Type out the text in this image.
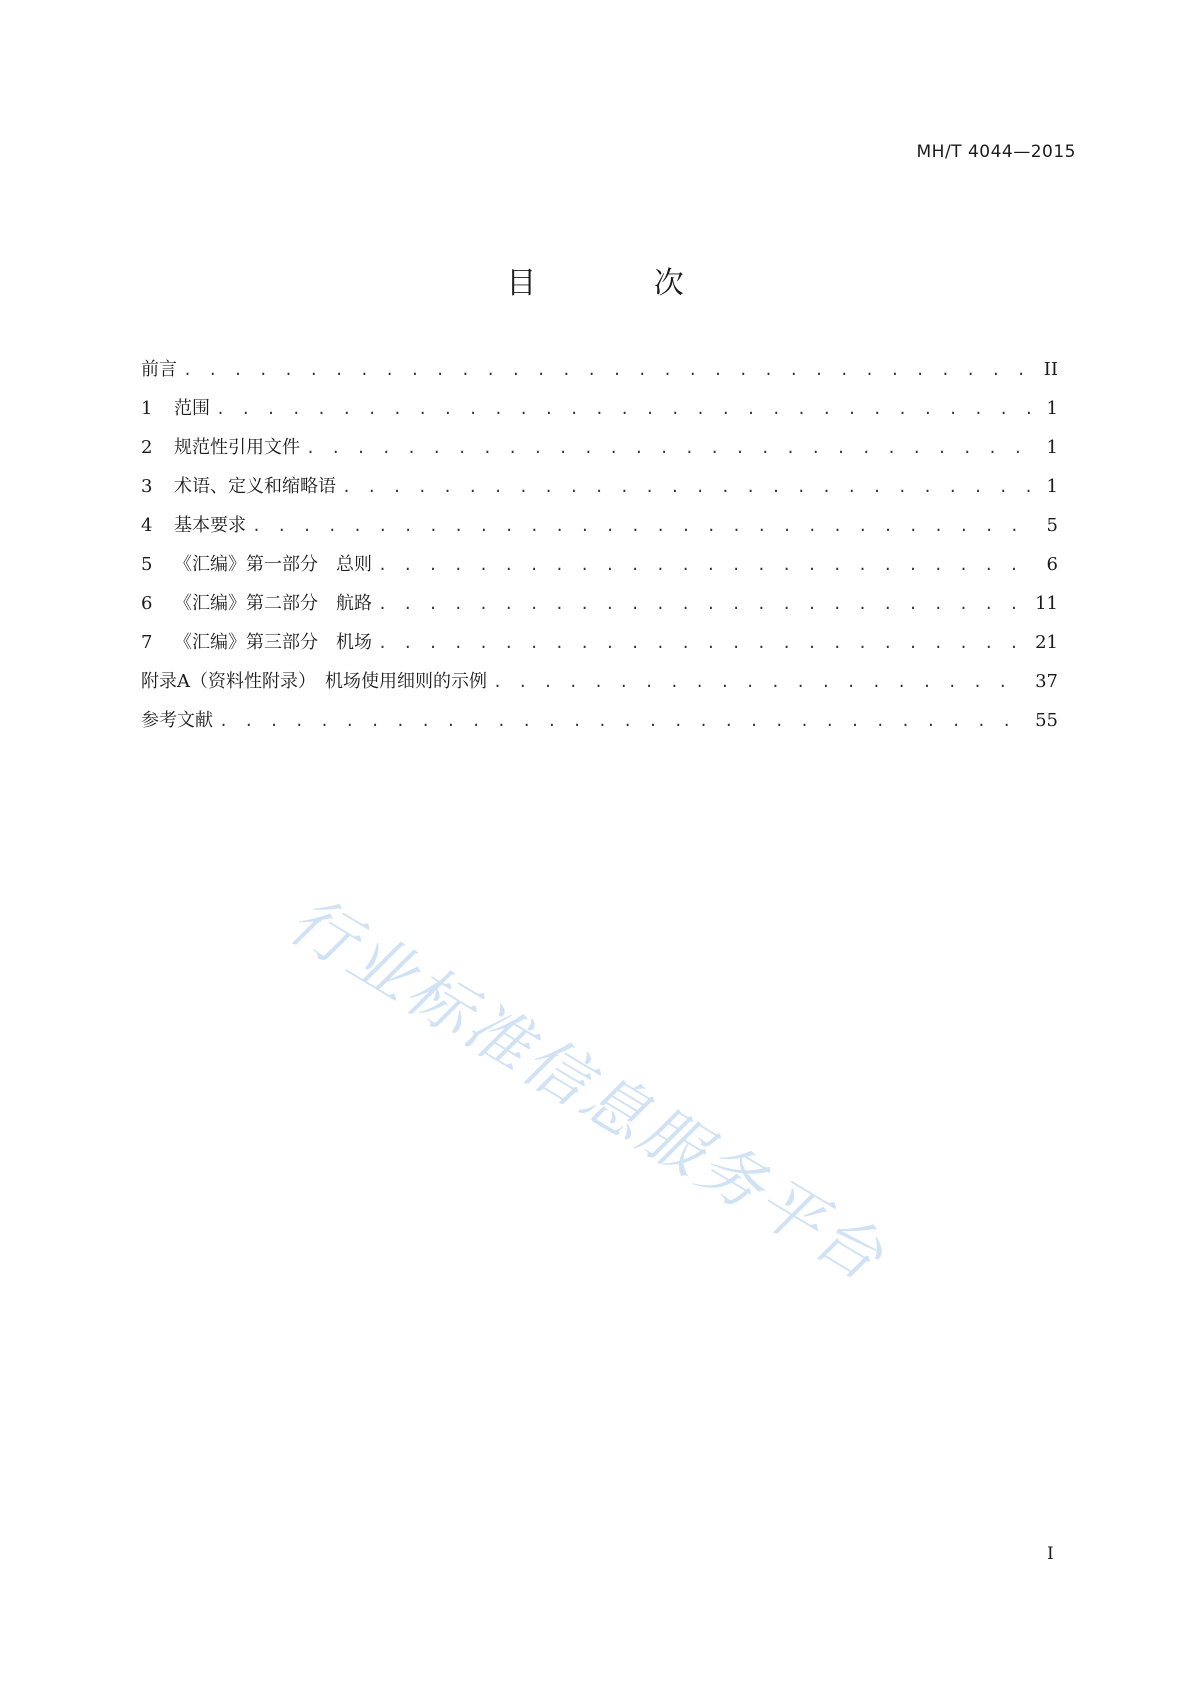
MH/T 4044—2015
目 次
前言 . . .	II
1	范围 . . .	1
2	规范性引用文件 . . .	1
3	术语、定义和缩略语 . . .	1
4	基本要求 . . .	5
5	《汇编》第一部分　总则 . . .	6
6	《汇编》第二部分　航路 . . .	11
7	《汇编》第三部分　机场 . . .	21
附录A（资料性附录）　机场使用细则的示例 . . .	37
参考文献 . . .	55
行业标准信息服务平台
I
